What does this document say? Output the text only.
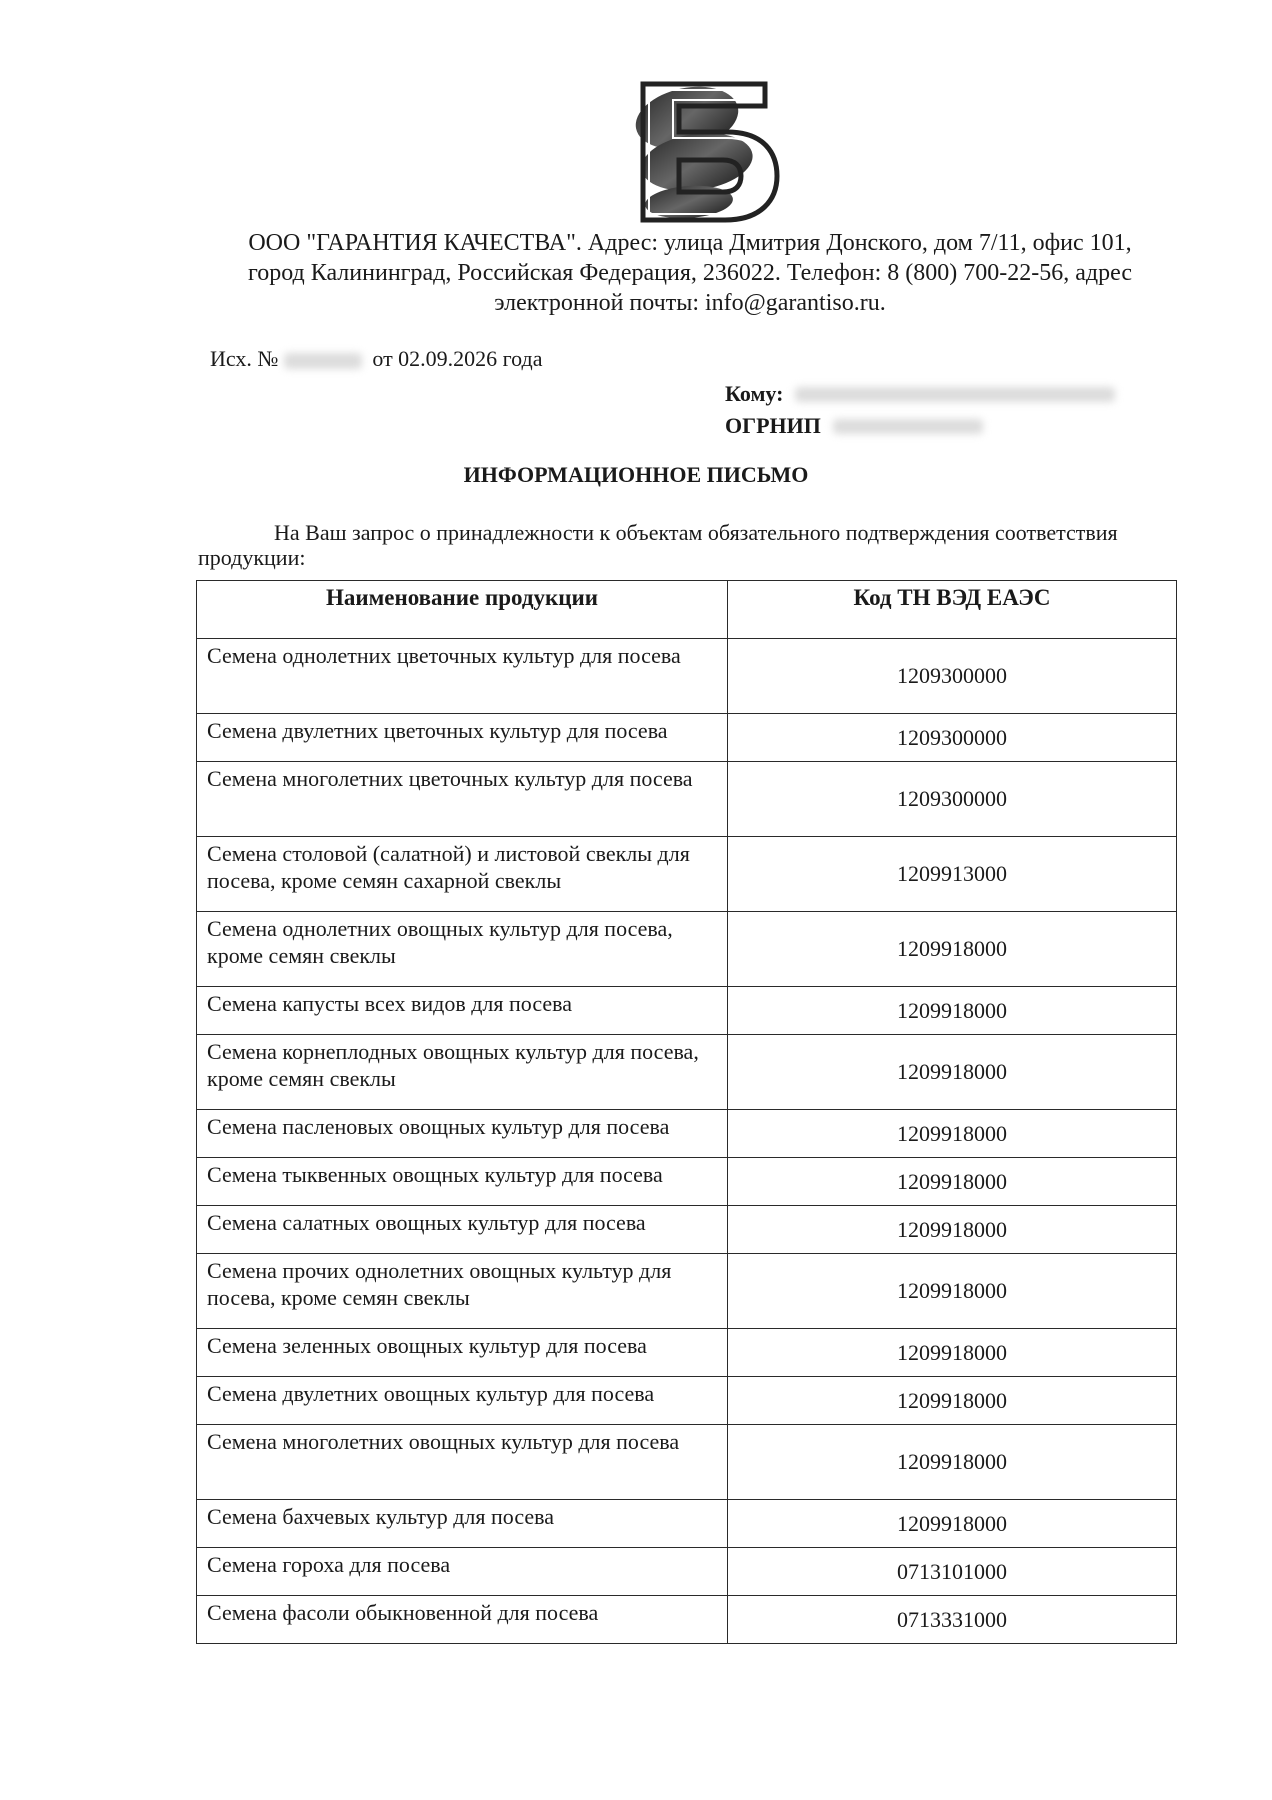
ООО "ГАРАНТИЯ КАЧЕСТВА". Адрес: улица Дмитрия Донского, дом 7/11, офис 101,
город Калининград, Российская Федерация, 236022. Телефон: 8 (800) 700-22-56, адрес
электронной почты: info@garantiso.ru.
Исх. №	от 02.09.2026 года
Кому:
ОГРНИП
ИНФОРМАЦИОННОЕ ПИСЬМО
На Ваш запрос о принадлежности к объектам обязательного подтверждения соответствия
продукции:
Наименование продукции	Код ТН ВЭД ЕАЭС
Семена однолетних цветочных культур для посева	1209300000
Семена двулетних цветочных культур для посева	1209300000
Семена многолетних цветочных культур для посева	1209300000
Семена столовой (салатной) и листовой свеклы для посева, кроме семян сахарной свеклы	1209913000
Семена однолетних овощных культур для посева, кроме семян свеклы	1209918000
Семена капусты всех видов для посева	1209918000
Семена корнеплодных овощных культур для посева, кроме семян свеклы	1209918000
Семена пасленовых овощных культур для посева	1209918000
Семена тыквенных овощных культур для посева	1209918000
Семена салатных овощных культур для посева	1209918000
Семена прочих однолетних овощных культур для посева, кроме семян свеклы	1209918000
Семена зеленных овощных культур для посева	1209918000
Семена двулетних овощных культур для посева	1209918000
Семена многолетних овощных культур для посева	1209918000
Семена бахчевых культур для посева	1209918000
Семена гороха для посева	0713101000
Семена фасоли обыкновенной для посева	0713331000
